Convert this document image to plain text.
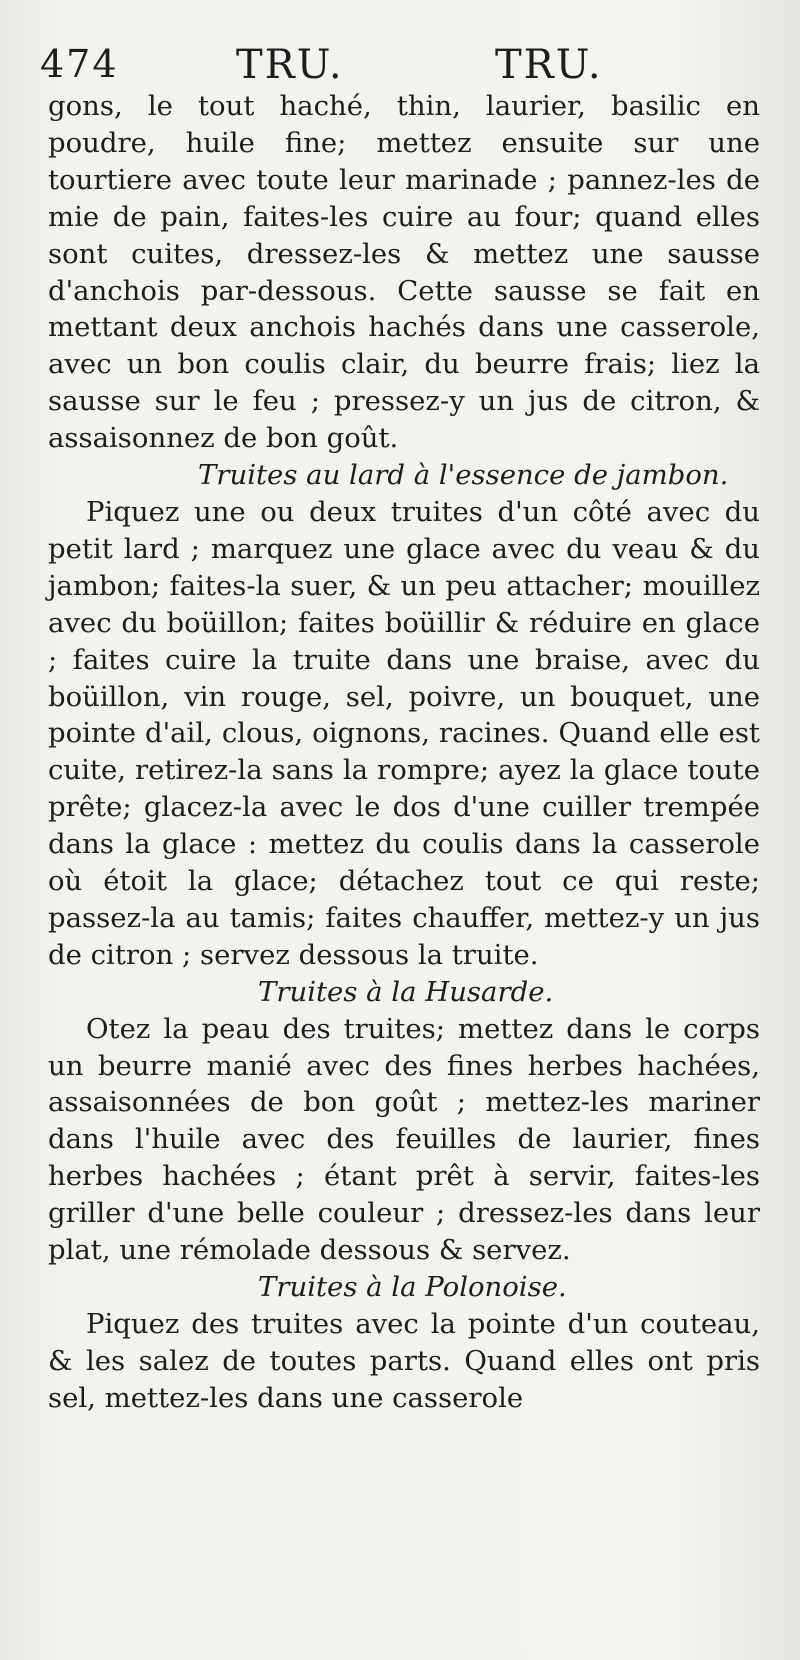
474	TRU.	TRU.

gons, le tout haché, thin, laurier, basilic en poudre, huile fine; mettez ensuite sur une tourtiere avec toute leur marinade ; pannez-les de mie de pain, faites-les cuire au four; quand elles sont cuites, dressez-les & mettez une sausse d'anchois par-dessous. Cette sausse se fait en mettant deux anchois hachés dans une casserole, avec un bon coulis clair, du beurre frais; liez la sausse sur le feu ; pressez-y un jus de citron, & assaisonnez de bon goût.

Truites au lard à l'essence de jambon.

Piquez une ou deux truites d'un côté avec du petit lard ; marquez une glace avec du veau & du jambon; faites-la suer, & un peu attacher; mouillez avec du boüillon; faites boüillir & réduire en glace ; faites cuire la truite dans une braise, avec du boüillon, vin rouge, sel, poivre, un bouquet, une pointe d'ail, clous, oignons, racines. Quand elle est cuite, retirez-la sans la rompre; ayez la glace toute prête; glacez-la avec le dos d'une cuiller trempée dans la glace : mettez du coulis dans la casserole où étoit la glace; détachez tout ce qui reste; passez-la au tamis; faites chauffer, mettez-y un jus de citron ; servez dessous la truite.

Truites à la Husarde.

Otez la peau des truites; mettez dans le corps un beurre manié avec des fines herbes hachées, assaisonnées de bon goût ; mettez-les mariner dans l'huile avec des feuilles de laurier, fines herbes hachées ; étant prêt à servir, faites-les griller d'une belle couleur ; dressez-les dans leur plat, une rémolade dessous & servez.

Truites à la Polonoise.

Piquez des truites avec la pointe d'un couteau, & les salez de toutes parts. Quand elles ont pris sel, mettez-les dans une casserole
